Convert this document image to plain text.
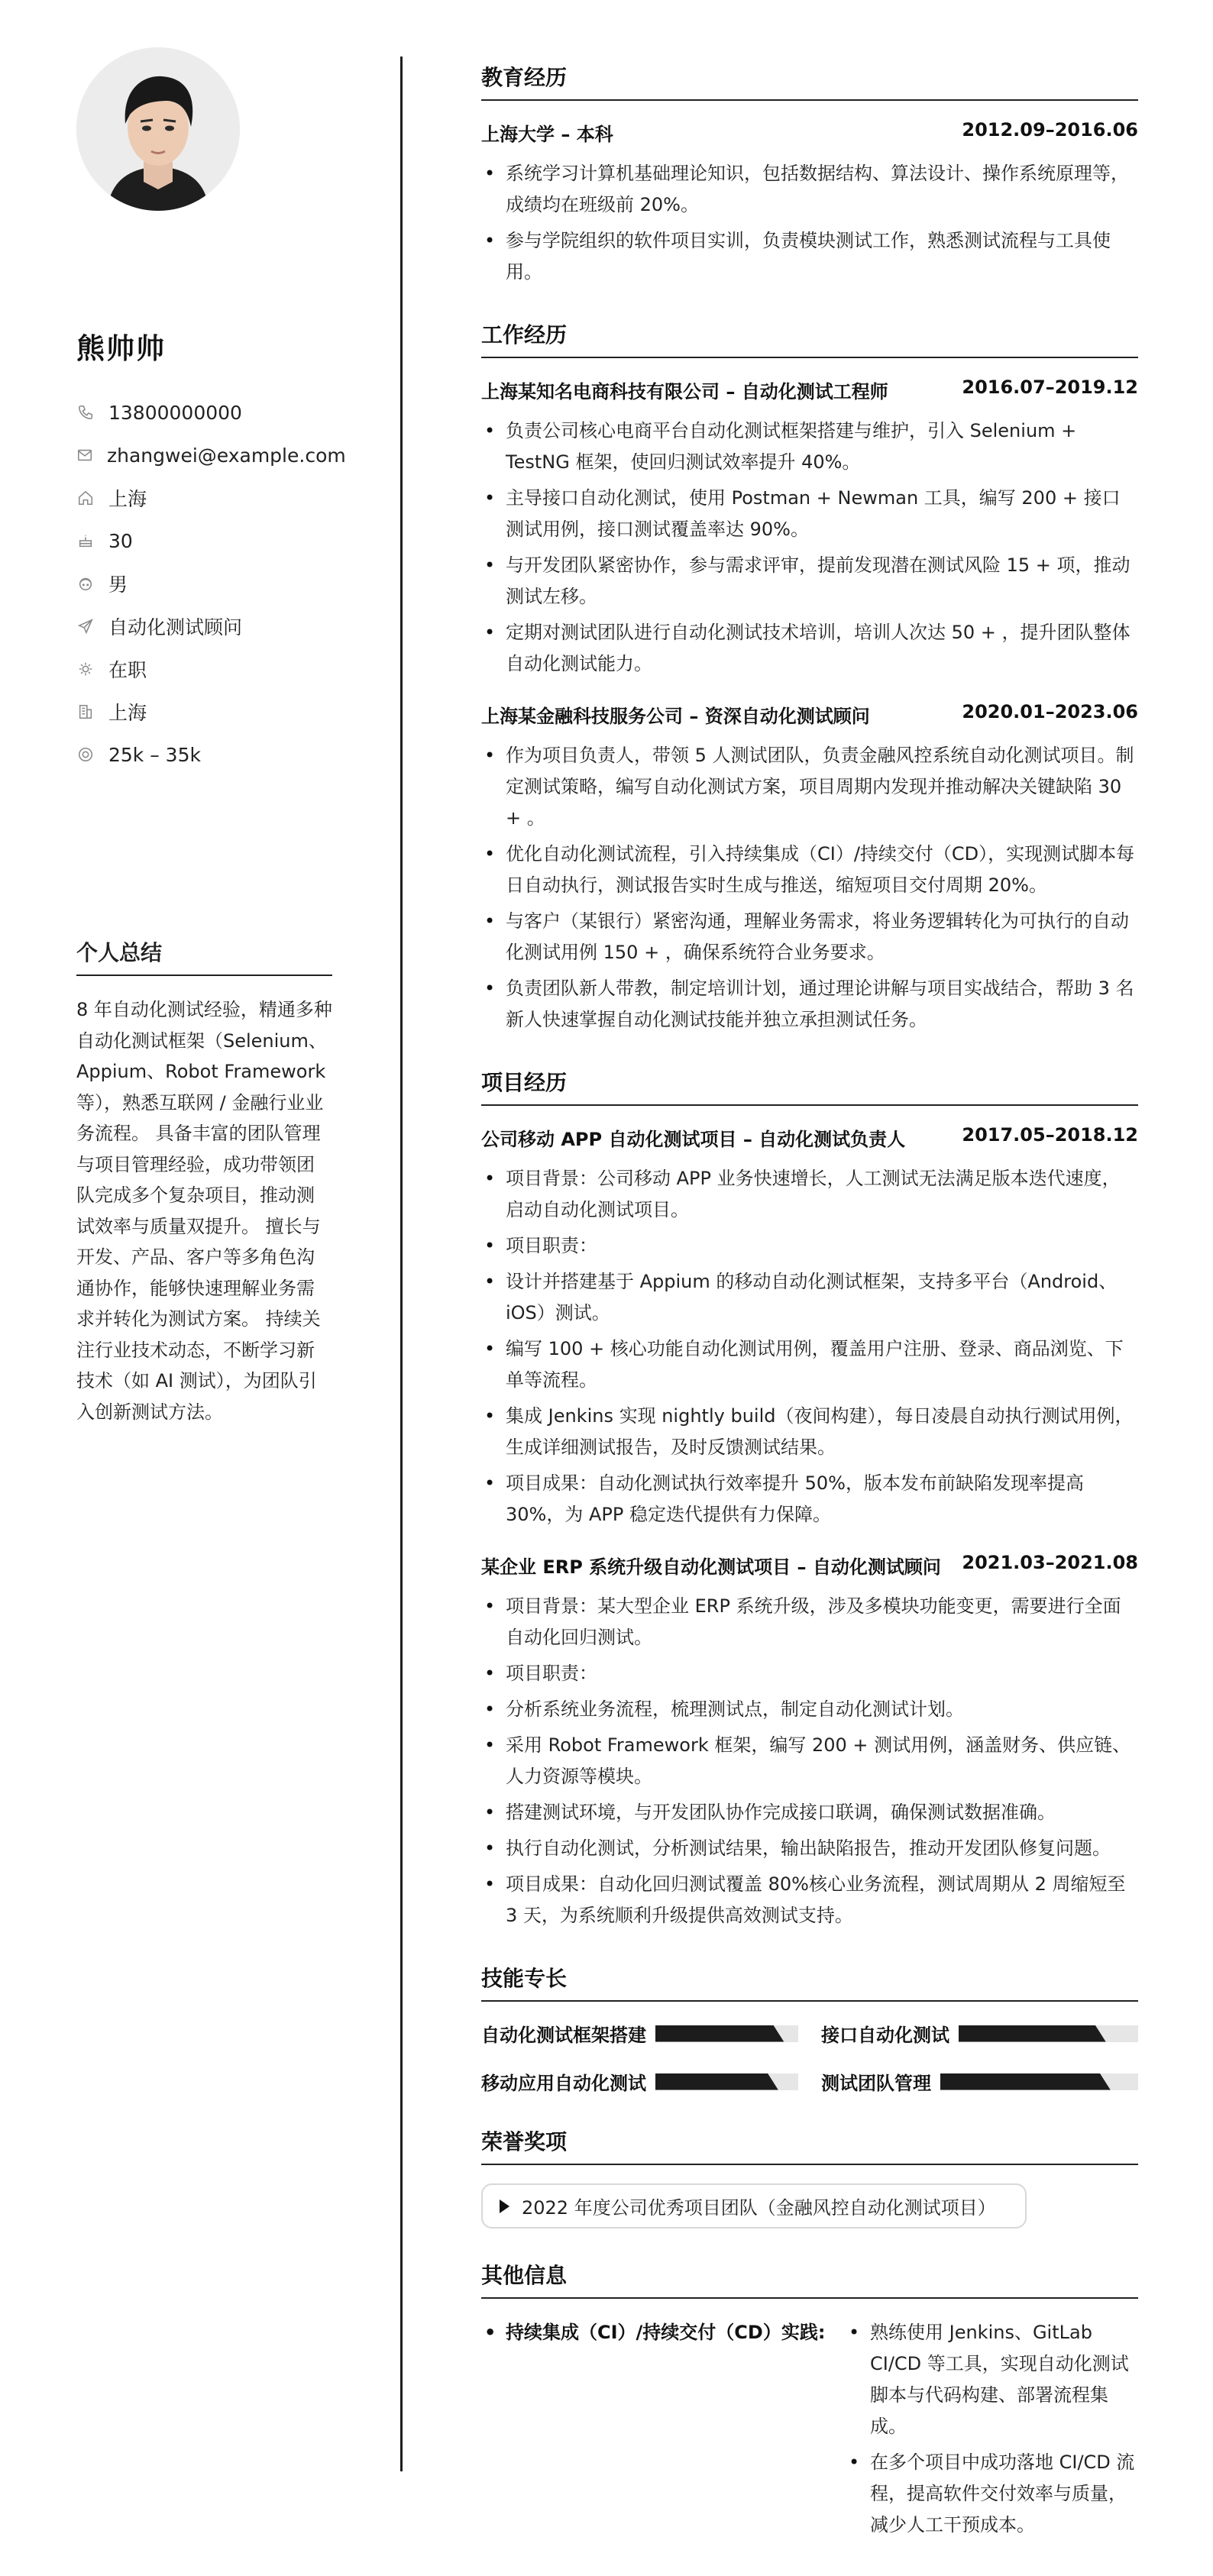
熊帅帅
13800000000
zhangwei@example.com
上海
30
男
自动化测试顾问
在职
上海
25k – 35k
个人总结
8 年自动化测试经验，精通多种自动化测试框架（Selenium、Appium、Robot Framework 等），熟悉互联网 / 金融行业业务流程。 具备丰富的团队管理与项目管理经验，成功带领团队完成多个复杂项目，推动测试效率与质量双提升。 擅长与开发、产品、客户等多角色沟通协作，能够快速理解业务需求并转化为测试方案。 持续关注行业技术动态，不断学习新技术（如 AI 测试），为团队引入创新测试方法。
教育经历
上海大学 – 本科	2012.09–2016.06
• 系统学习计算机基础理论知识，包括数据结构、算法设计、操作系统原理等，成绩均在班级前 20%。
• 参与学院组织的软件项目实训，负责模块测试工作，熟悉测试流程与工具使用。
工作经历
上海某知名电商科技有限公司 – 自动化测试工程师	2016.07–2019.12
• 负责公司核心电商平台自动化测试框架搭建与维护，引入 Selenium + TestNG 框架，使回归测试效率提升 40%。
• 主导接口自动化测试，使用 Postman + Newman 工具，编写 200 + 接口测试用例，接口测试覆盖率达 90%。
• 与开发团队紧密协作，参与需求评审，提前发现潜在测试风险 15 + 项，推动测试左移。
• 定期对测试团队进行自动化测试技术培训，培训人次达 50 + ，提升团队整体自动化测试能力。
上海某金融科技服务公司 – 资深自动化测试顾问	2020.01–2023.06
• 作为项目负责人，带领 5 人测试团队，负责金融风控系统自动化测试项目。制定测试策略，编写自动化测试方案，项目周期内发现并推动解决关键缺陷 30 + 。
• 优化自动化测试流程，引入持续集成（CI）/持续交付（CD），实现测试脚本每日自动执行，测试报告实时生成与推送，缩短项目交付周期 20%。
• 与客户（某银行）紧密沟通，理解业务需求，将业务逻辑转化为可执行的自动化测试用例 150 + ，确保系统符合业务要求。
• 负责团队新人带教，制定培训计划，通过理论讲解与项目实战结合，帮助 3 名新人快速掌握自动化测试技能并独立承担测试任务。
项目经历
公司移动 APP 自动化测试项目 – 自动化测试负责人	2017.05–2018.12
• 项目背景：公司移动 APP 业务快速增长，人工测试无法满足版本迭代速度，启动自动化测试项目。
• 项目职责：
• 设计并搭建基于 Appium 的移动自动化测试框架，支持多平台（Android、iOS）测试。
• 编写 100 + 核心功能自动化测试用例，覆盖用户注册、登录、商品浏览、下单等流程。
• 集成 Jenkins 实现 nightly build（夜间构建），每日凌晨自动执行测试用例，生成详细测试报告，及时反馈测试结果。
• 项目成果：自动化测试执行效率提升 50%，版本发布前缺陷发现率提高 30%，为 APP 稳定迭代提供有力保障。
某企业 ERP 系统升级自动化测试项目 – 自动化测试顾问 2021.03–2021.08
• 项目背景：某大型企业 ERP 系统升级，涉及多模块功能变更，需要进行全面自动化回归测试。
• 项目职责：
• 分析系统业务流程，梳理测试点，制定自动化测试计划。
• 采用 Robot Framework 框架，编写 200 + 测试用例，涵盖财务、供应链、人力资源等模块。
• 搭建测试环境，与开发团队协作完成接口联调，确保测试数据准确。
• 执行自动化测试，分析测试结果，输出缺陷报告，推动开发团队修复问题。
• 项目成果：自动化回归测试覆盖 80%核心业务流程，测试周期从 2 周缩短至 3 天，为系统顺利升级提供高效测试支持。
技能专长
自动化测试框架搭建	接口自动化测试
移动应用自动化测试	测试团队管理
荣誉奖项
2022 年度公司优秀项目团队（金融风控自动化测试项目）
其他信息
• 持续集成（CI）/持续交付（CD）实践:
•	熟练使用 Jenkins、GitLab CI/CD 等工具，实现自动化测试脚本与代码构建、部署流程集成。
• 在多个项目中成功落地 CI/CD 流程，提高软件交付效率与质量，减少人工干预成本。
